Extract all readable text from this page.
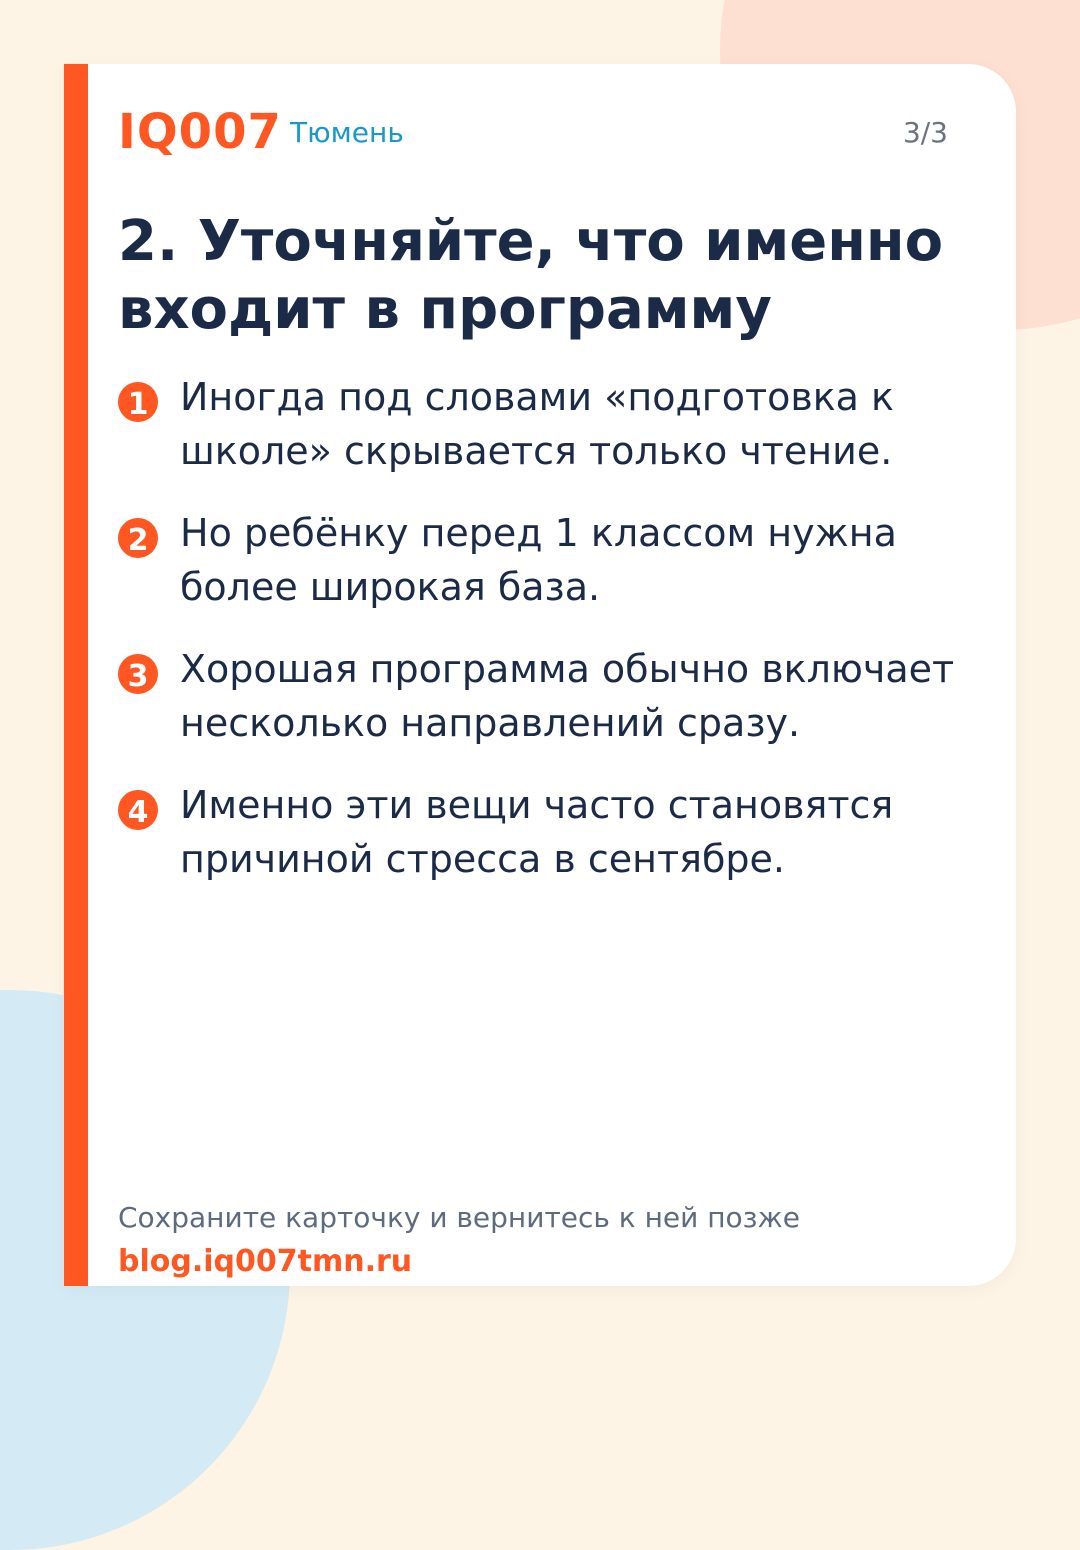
IQ007 Тюмень	3/3
2. Уточняйте, что именно входит в программу
1 Иногда под словами «подготовка к школе» скрывается только чтение.
2 Но ребёнку перед 1 классом нужна более широкая база.
3 Хорошая программа обычно включает несколько направлений сразу.
4 Именно эти вещи часто становятся причиной стресса в сентябре.
Сохраните карточку и вернитесь к ней позже
blog.iq007tmn.ru
